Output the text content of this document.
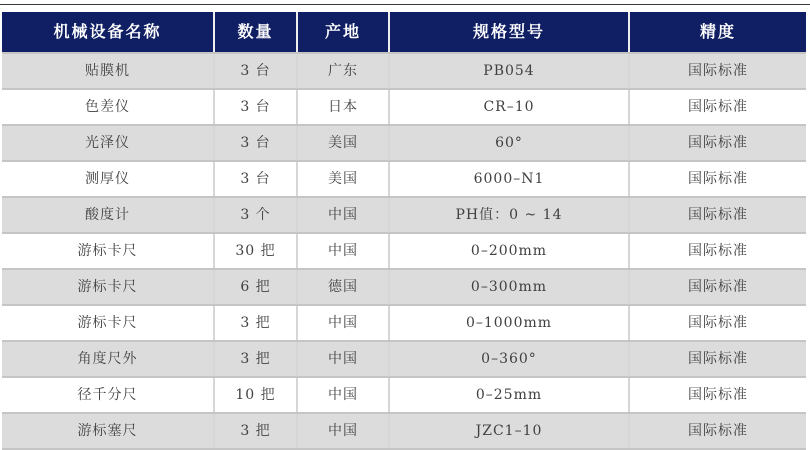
机械设备名称	数量	产地	规格型号	精度
贴膜机	3 台	广东	PB054	国际标准
色差仪	3 台	日本	CR–10	国际标准
光泽仪	3 台	美国	60°	国际标准
测厚仪	3 台	美国	6000–N1	国际标准
酸度计	3 个	中国	PH值：0 ~ 14	国际标准
游标卡尺	30 把	中国	0–200mm	国际标准
游标卡尺	6 把	德国	0–300mm	国际标准
游标卡尺	3 把	中国	0–1000mm	国际标准
角度尺外	3 把	中国	0–360°	国际标准
径千分尺	10 把	中国	0–25mm	国际标准
游标塞尺	3 把	中国	JZC1–10	国际标准
